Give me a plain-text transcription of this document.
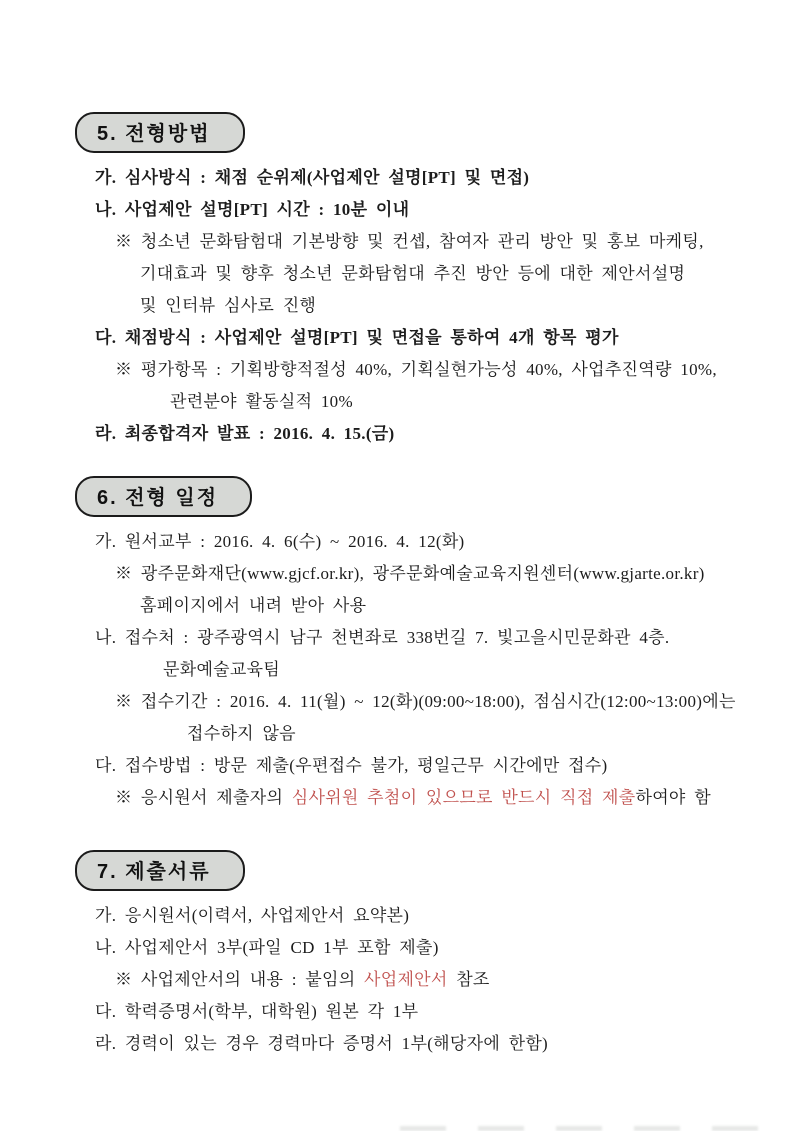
5. 전형방법
가. 심사방식 : 채점 순위제(사업제안 설명[PT] 및 면접)
나. 사업제안 설명[PT] 시간 : 10분 이내
※ 청소년 문화탐험대 기본방향 및 컨셉, 참여자 관리 방안 및 홍보 마케팅,
기대효과 및 향후 청소년 문화탐험대 추진 방안 등에 대한 제안서설명
및 인터뷰 심사로 진행
다. 채점방식 : 사업제안 설명[PT] 및 면접을 통하여 4개 항목 평가
※ 평가항목 : 기획방향적절성 40%, 기획실현가능성 40%, 사업추진역량 10%,
관련분야 활동실적 10%
라. 최종합격자 발표 : 2016. 4. 15.(금)
6. 전형 일정
가. 원서교부 : 2016. 4. 6(수) ~ 2016. 4. 12(화)
※ 광주문화재단(www.gjcf.or.kr), 광주문화예술교육지원센터(www.gjarte.or.kr)
홈페이지에서 내려 받아 사용
나. 접수처 : 광주광역시 남구 천변좌로 338번길 7. 빛고을시민문화관 4층.
문화예술교육팀
※ 접수기간 : 2016. 4. 11(월) ~ 12(화)(09:00~18:00), 점심시간(12:00~13:00)에는
접수하지 않음
다. 접수방법 : 방문 제출(우편접수 불가, 평일근무 시간에만 접수)
※ 응시원서 제출자의 심사위원 추첨이 있으므로 반드시 직접 제출하여야 함
7. 제출서류
가. 응시원서(이력서, 사업제안서 요약본)
나. 사업제안서 3부(파일 CD 1부 포함 제출)
※ 사업제안서의 내용 : 붙임의 사업제안서 참조
다. 학력증명서(학부, 대학원) 원본 각 1부
라. 경력이 있는 경우 경력마다 증명서 1부(해당자에 한함)
